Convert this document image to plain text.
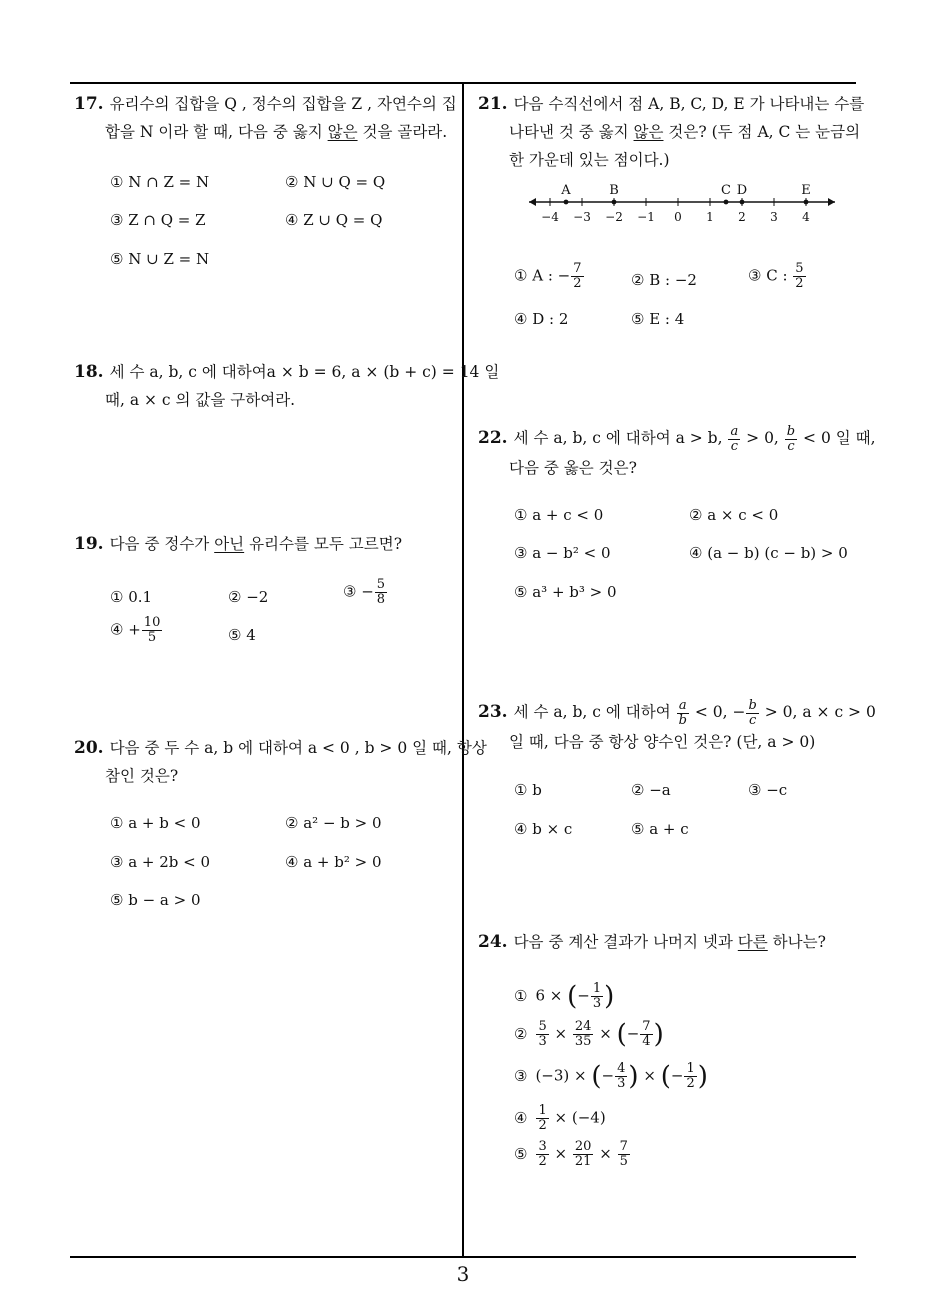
17. 유리수의 집합을 Q , 정수의 집합을 Z , 자연수의 집
합을 N 이라 할 때, 다음 중 옳지 않은 것을 골라라.
① N ∩ Z = N	② N ∪ Q = Q
③ Z ∩ Q = Z	④ Z ∪ Q = Q
⑤ N ∪ Z = N
18. 세 수 a, b, c 에 대하여a × b = 6, a × (b + c) = 14 일
때, a × c 의 값을 구하여라.
19. 다음 중 정수가 아닌 유리수를 모두 고르면?
① 0.1	② −2	③ − $\frac{5}{8}$
④ + $\frac{10}{5}$	⑤ 4
20. 다음 중 두 수 a, b 에 대하여 a < 0 , b > 0 일 때, 항상
참인 것은?
① a + b < 0	② a² − b > 0
③ a + 2b < 0	④ a + b² > 0
⑤ b − a > 0
21. 다음 수직선에서 점 A, B, C, D, E 가 나타내는 수를
나타낸 것 중 옳지 않은 것은? (두 점 A, C 는 눈금의
한 가운데 있는 점이다.)
−4 −3 −2 −1 0 1 2 3 4
A	B	C D	E
① A : − $\frac{7}{2}$	② B : −2	③ C : $\frac{5}{2}$
④ D : 2	⑤ E : 4
22. 세 수 a, b, c 에 대하여 a > b, $\frac{a}{c} > 0$, $\frac{b}{c} < 0$ 일 때,
다음 중 옳은 것은?
① a + c < 0	② a × c < 0
③ a − b² < 0	④ (a − b) (c − b) > 0
⑤ a³ + b³ > 0
23. 세 수 a, b, c 에 대하여 $\frac{a}{b} < 0$, − $\frac{b}{c} > 0$, a × c > 0
일 때, 다음 중 항상 양수인 것은? (단, a > 0)
① b	② −a	③ −c
④ b × c	⑤ a + c
24. 다음 중 계산 결과가 나머지 넷과 다른 하나는?
① 6 × (− $\frac{1}{3}$ )
② $\frac{5}{3} \times \frac{24}{35}$ × (− $\frac{7}{4}$ )
③ (−3) × (− $\frac{4}{3}$ ) × (− $\frac{1}{2}$ )
④ $\frac{1}{2} \times (-4)$
⑤ $\frac{3}{2} \times \frac{20}{21} \times \frac{7}{5}$
3
